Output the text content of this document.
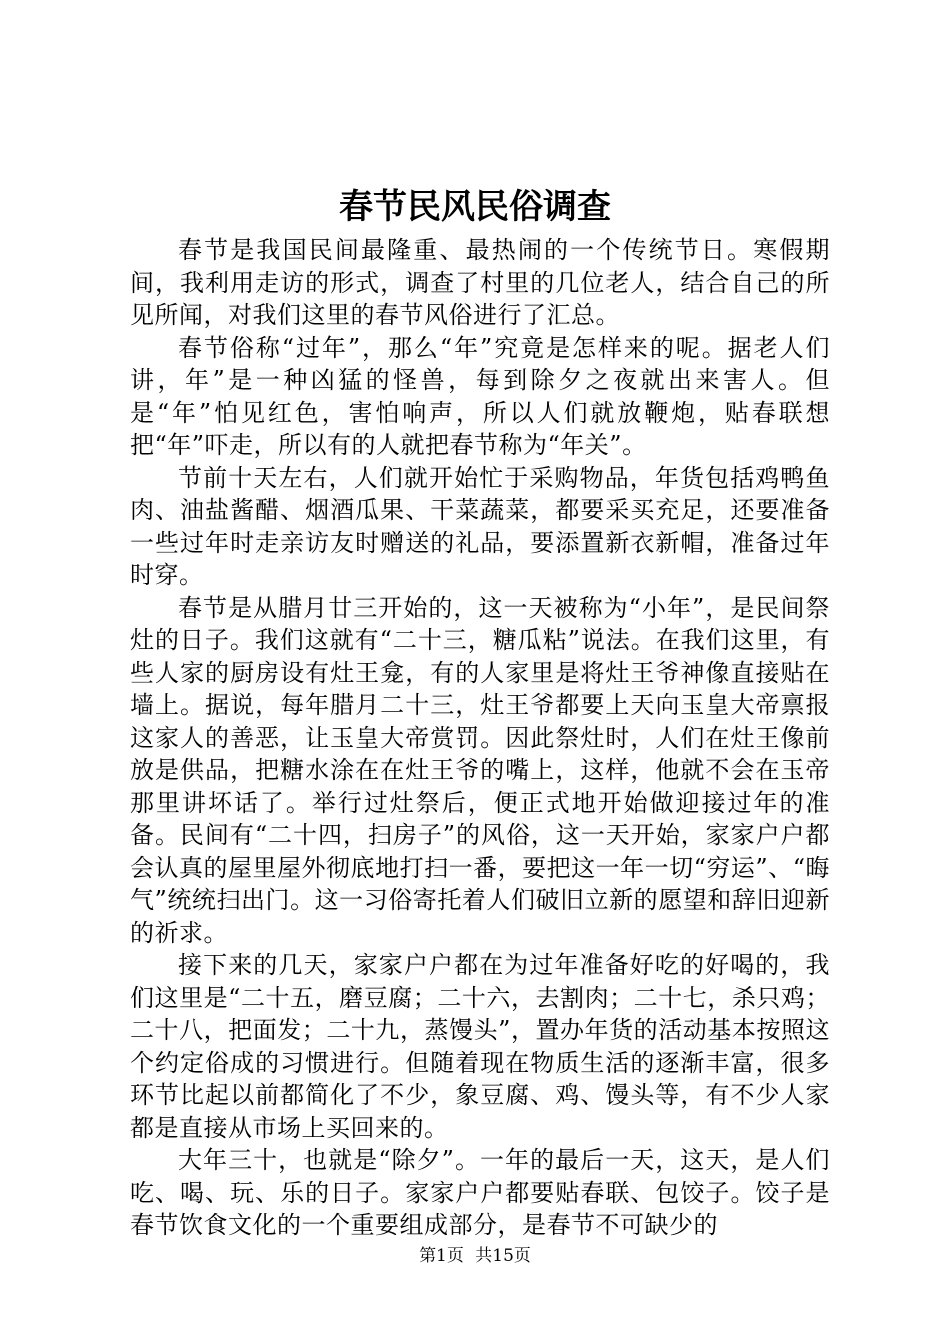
春节民风民俗调查

春节是我国民间最隆重、最热闹的一个传统节日。寒假期间，我利用走访的形式，调查了村里的几位老人，结合自己的所见所闻，对我们这里的春节风俗进行了汇总。

春节俗称“过年”，那么“年”究竟是怎样来的呢。据老人们讲，年”是一种凶猛的怪兽，每到除夕之夜就出来害人。但是“年”怕见红色，害怕响声，所以人们就放鞭炮，贴春联想把“年”吓走，所以有的人就把春节称为“年关”。

节前十天左右，人们就开始忙于采购物品，年货包括鸡鸭鱼肉、油盐酱醋、烟酒瓜果、干菜蔬菜，都要采买充足，还要准备一些过年时走亲访友时赠送的礼品，要添置新衣新帽，准备过年时穿。

春节是从腊月廿三开始的，这一天被称为“小年”，是民间祭灶的日子。我们这就有“二十三，糖瓜粘”说法。在我们这里，有些人家的厨房设有灶王龛，有的人家里是将灶王爷神像直接贴在墙上。据说，每年腊月二十三，灶王爷都要上天向玉皇大帝禀报这家人的善恶，让玉皇大帝赏罚。因此祭灶时，人们在灶王像前放是供品，把糖水涂在在灶王爷的嘴上，这样，他就不会在玉帝那里讲坏话了。举行过灶祭后，便正式地开始做迎接过年的准备。民间有“二十四，扫房子”的风俗，这一天开始，家家户户都会认真的屋里屋外彻底地打扫一番，要把这一年一切“穷运”、“晦气”统统扫出门。这一习俗寄托着人们破旧立新的愿望和辞旧迎新的祈求。

接下来的几天，家家户户都在为过年准备好吃的好喝的，我们这里是“二十五，磨豆腐；二十六，去割肉；二十七，杀只鸡；二十八，把面发；二十九，蒸馒头”，置办年货的活动基本按照这个约定俗成的习惯进行。但随着现在物质生活的逐渐丰富，很多环节比起以前都简化了不少，象豆腐、鸡、馒头等，有不少人家都是直接从市场上买回来的。

大年三十，也就是“除夕”。一年的最后一天，这天，是人们吃、喝、玩、乐的日子。家家户户都要贴春联、包饺子。饺子是春节饮食文化的一个重要组成部分，是春节不可缺少的

第1页 共15页
